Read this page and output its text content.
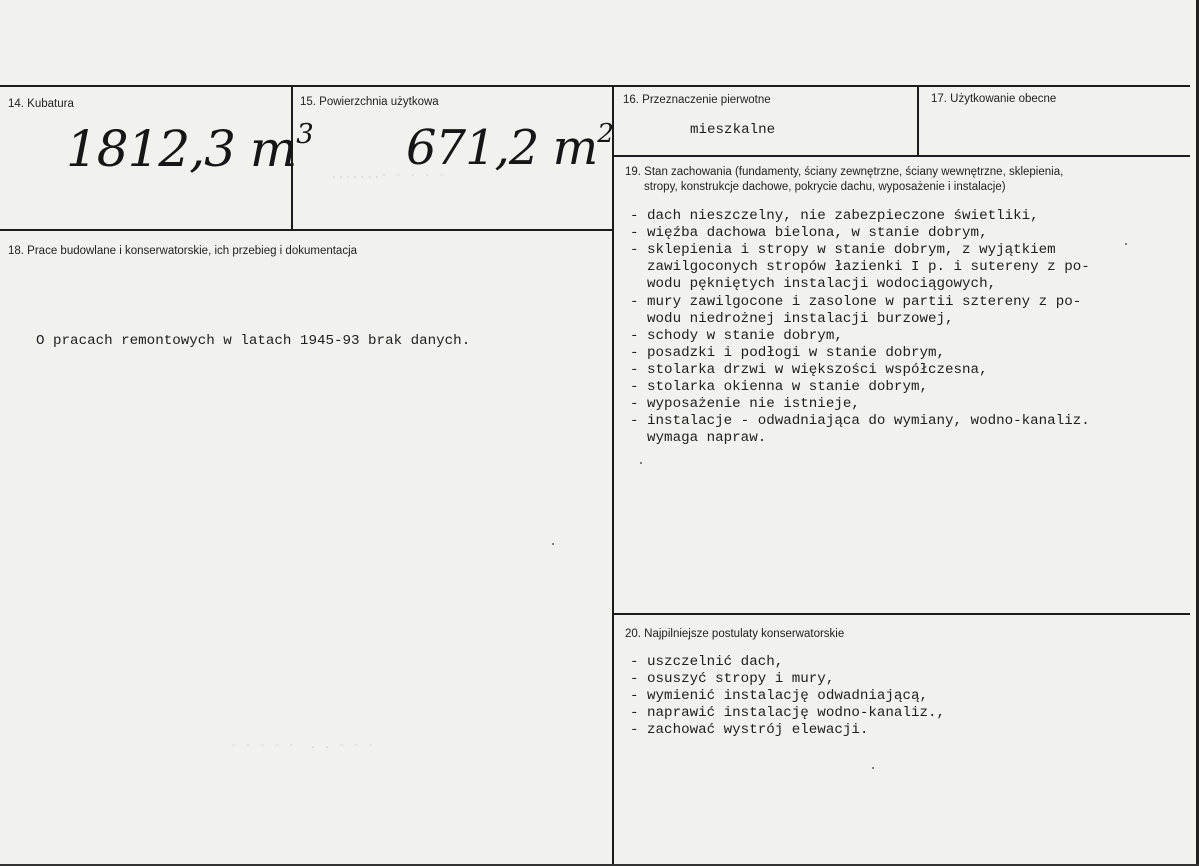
.......- - - - -
- - - - -  . . - - -
14. Kubatura
1812,3 $m^3$
15. Powierzchnia użytkowa
671,2 $m^2$
16. Przeznaczenie pierwotne
mieszkalne
17. Użytkowanie obecne
18. Prace budowlane i konserwatorskie, ich przebieg i dokumentacja
O pracach remontowych w latach 1945-93 brak danych.
19. Stan zachowania (fundamenty, ściany zewnętrzne, ściany wewnętrzne, sklepienia,
stropy, konstrukcje dachowe, pokrycie dachu, wyposażenie i instalacje)
- dach nieszczelny, nie zabezpieczone świetliki,
- więźba dachowa bielona, w stanie dobrym,
- sklepienia i stropy w stanie dobrym, z wyjątkiem
zawilgoconych stropów łazienki I p. i sutereny z po-
wodu pękniętych instalacji wodociągowych,
- mury zawilgocone i zasolone w partii sztereny z po-
wodu niedrożnej instalacji burzowej,
- schody w stanie dobrym,
- posadzki i podłogi w stanie dobrym,
- stolarka drzwi w większości współczesna,
- stolarka okienna w stanie dobrym,
- wyposażenie nie istnieje,
- instalacje - odwadniająca do wymiany, wodno-kanaliz.
wymaga napraw.
20. Najpilniejsze postulaty konserwatorskie
- uszczelnić dach,
- osuszyć stropy i mury,
- wymienić instalację odwadniającą,
- naprawić instalację wodno-kanaliz.,
- zachować wystrój elewacji.
